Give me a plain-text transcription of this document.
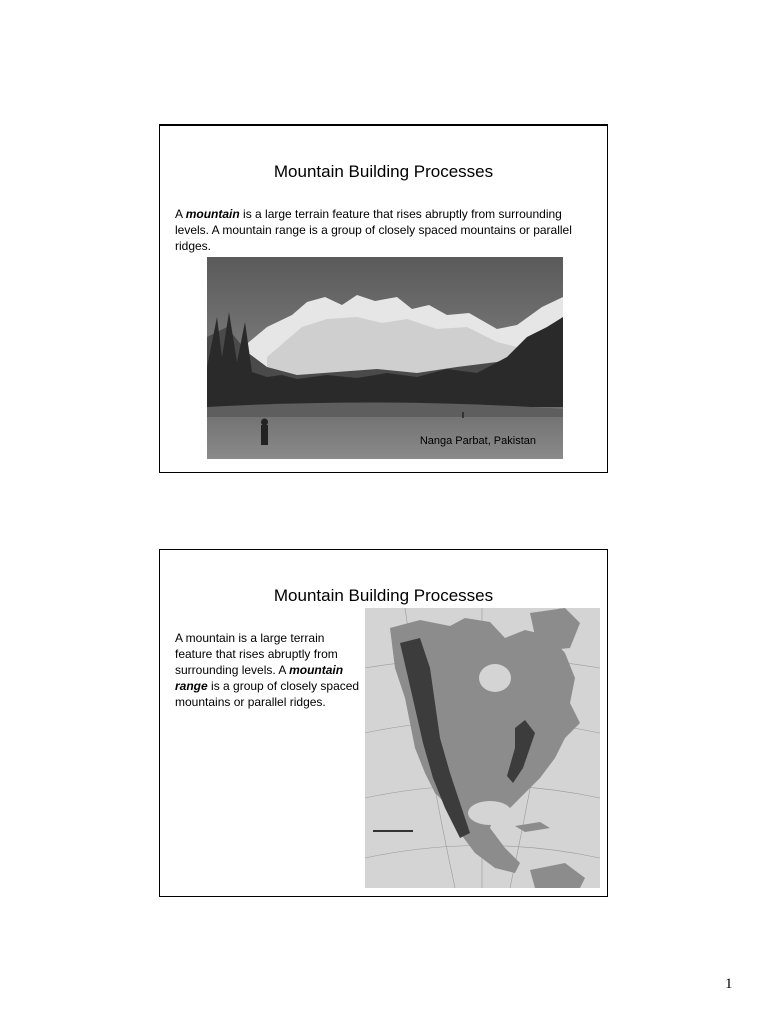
Mountain Building Processes
A mountain is a large terrain feature that rises abruptly from surrounding levels. A mountain range is a group of closely spaced mountains or parallel ridges.
Nanga Parbat, Pakistan
Mountain Building Processes
A mountain is a large terrain feature that rises abruptly from surrounding levels. A mountain range is a group of closely spaced mountains or parallel ridges.
1
